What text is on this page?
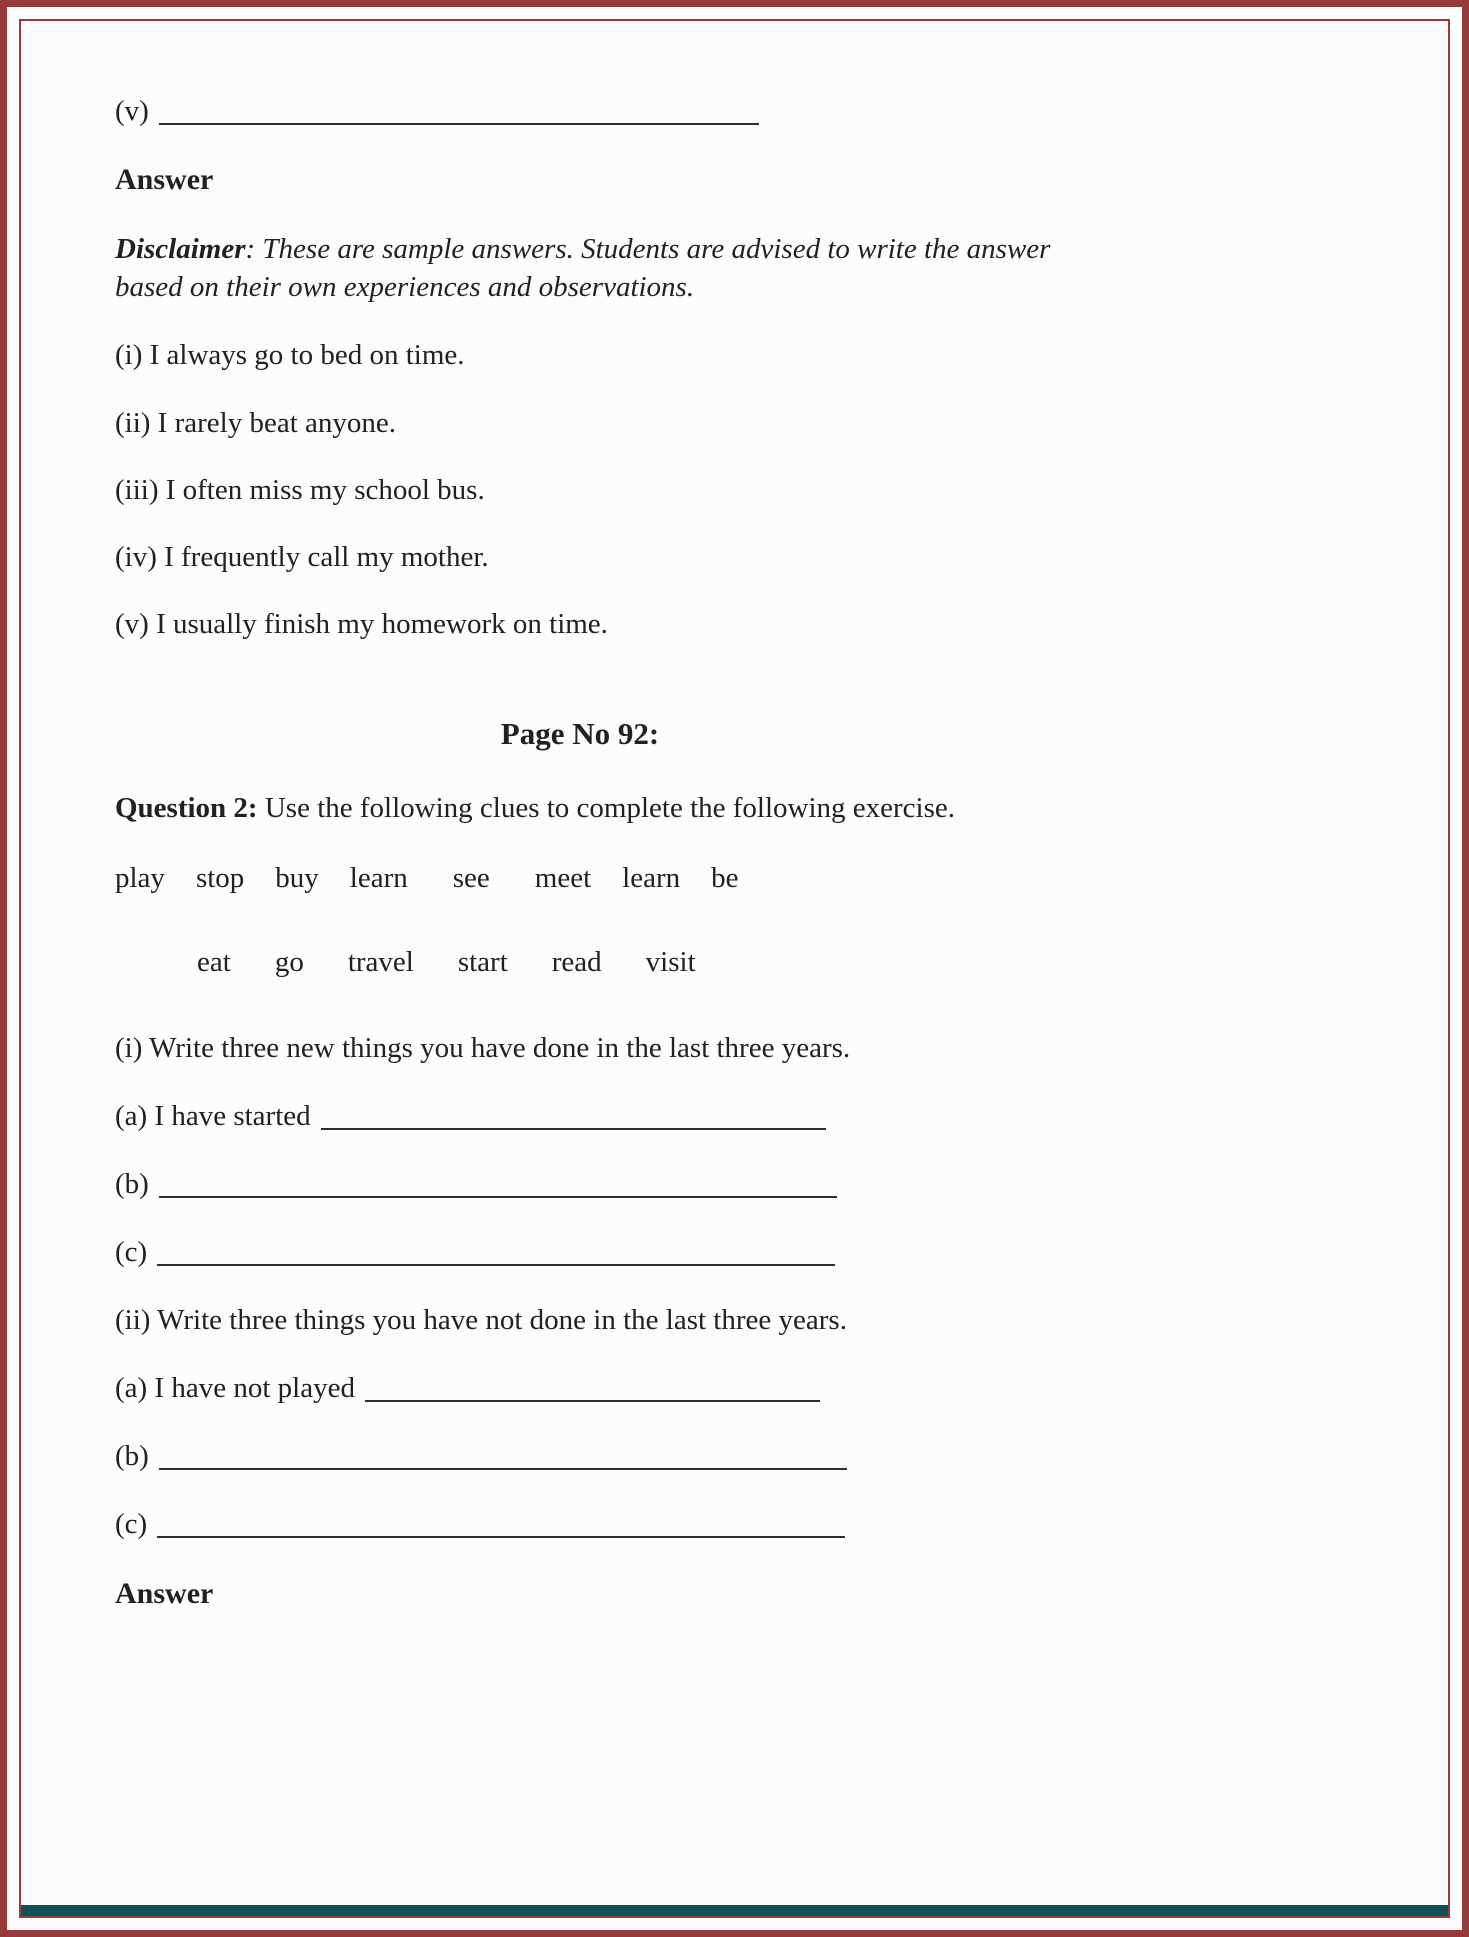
(v)

Answer

Disclaimer: These are sample answers. Students are advised to write the answer based on their own experiences and observations.

(i) I always go to bed on time.

(ii) I rarely beat anyone.

(iii) I often miss my school bus.

(iv) I frequently call my mother.

(v) I usually finish my homework on time.

Page No 92:

Question 2: Use the following clues to complete the following exercise.

play stop buy learn see meet learn be
eat go travel start read visit

(i) Write three new things you have done in the last three years.

(a) I have started

(b)

(c)

(ii) Write three things you have not done in the last three years.

(a) I have not played

(b)

(c)

Answer
